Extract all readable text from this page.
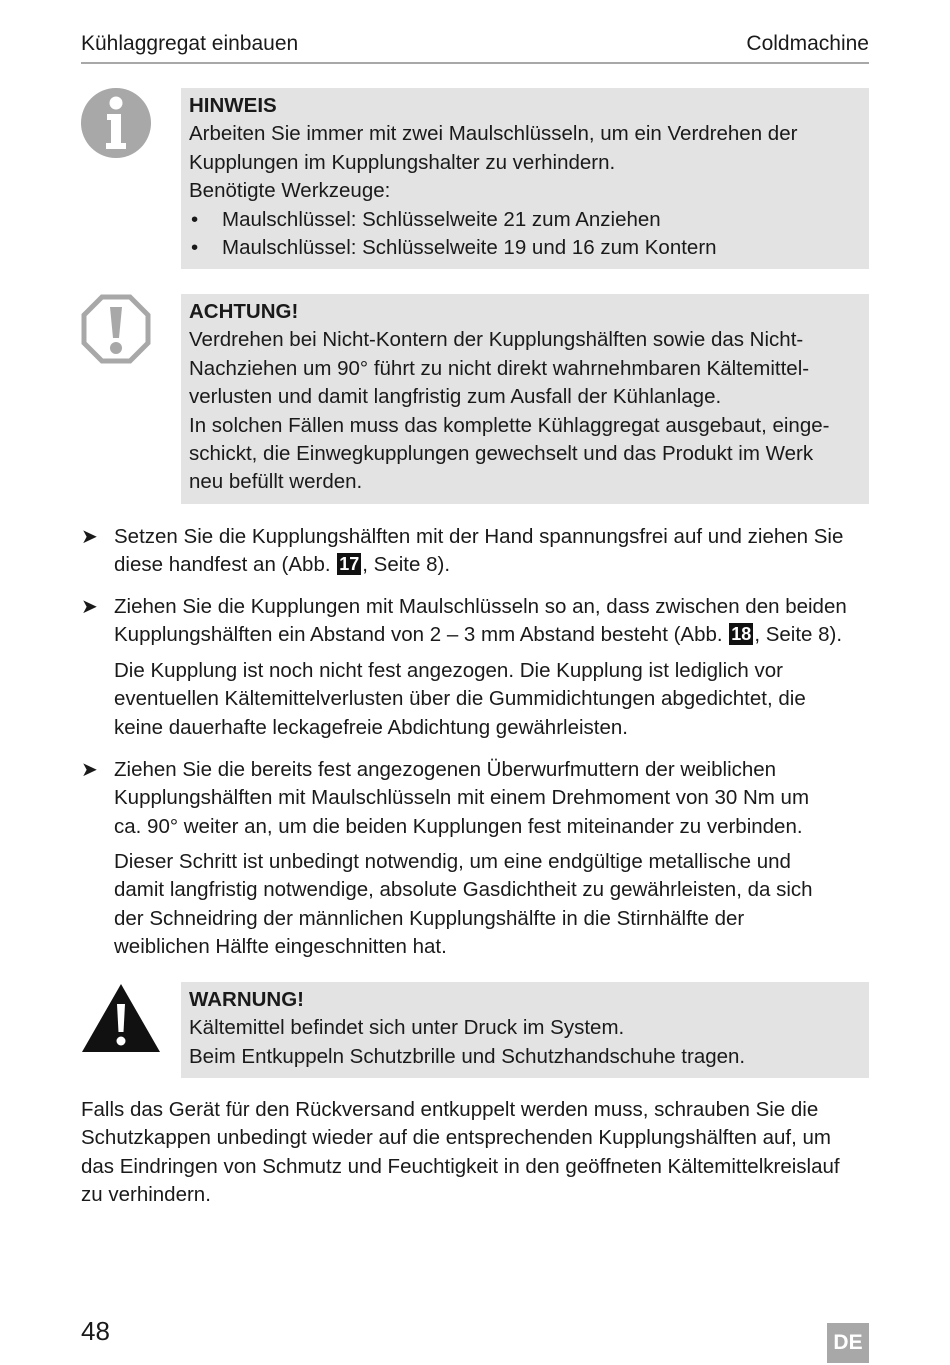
Kühlaggregat einbauen	Coldmachine
HINWEIS
Arbeiten Sie immer mit zwei Maulschlüsseln, um ein Verdrehen der
Kupplungen im Kupplungshalter zu verhindern.
Benötigte Werkzeuge:
• Maulschlüssel: Schlüsselweite 21 zum Anziehen
• Maulschlüssel: Schlüsselweite 19 und 16 zum Kontern
ACHTUNG!
Verdrehen bei Nicht-Kontern der Kupplungshälften sowie das Nicht-
Nachziehen um 90° führt zu nicht direkt wahrnehmbaren Kältemittel-
verlusten und damit langfristig zum Ausfall der Kühlanlage.
In solchen Fällen muss das komplette Kühlaggregat ausgebaut, einge-
schickt, die Einwegkupplungen gewechselt und das Produkt im Werk
neu befüllt werden.
➤ Setzen Sie die Kupplungshälften mit der Hand spannungsfrei auf und ziehen Sie
diese handfest an (Abb. 17 , Seite 8).
➤ Ziehen Sie die Kupplungen mit Maulschlüsseln so an, dass zwischen den beiden
Kupplungshälften ein Abstand von 2 – 3 mm Abstand besteht (Abb. 18 , Seite 8).
Die Kupplung ist noch nicht fest angezogen. Die Kupplung ist lediglich vor
eventuellen Kältemittelverlusten über die Gummidichtungen abgedichtet, die
keine dauerhafte leckagefreie Abdichtung gewährleisten.
➤ Ziehen Sie die bereits fest angezogenen Überwurfmuttern der weiblichen
Kupplungshälften mit Maulschlüsseln mit einem Drehmoment von 30 Nm um
ca. 90° weiter an, um die beiden Kupplungen fest miteinander zu verbinden.
Dieser Schritt ist unbedingt notwendig, um eine endgültige metallische und
damit langfristig notwendige, absolute Gasdichtheit zu gewährleisten, da sich
der Schneidring der männlichen Kupplungshälfte in die Stirnhälfte der
weiblichen Hälfte eingeschnitten hat.
WARNUNG!
Kältemittel befindet sich unter Druck im System.
Beim Entkuppeln Schutzbrille und Schutzhandschuhe tragen.
Falls das Gerät für den Rückversand entkuppelt werden muss, schrauben Sie die
Schutzkappen unbedingt wieder auf die entsprechenden Kupplungshälften auf, um
das Eindringen von Schmutz und Feuchtigkeit in den geöffneten Kältemittelkreislauf
zu verhindern.
48	DE
